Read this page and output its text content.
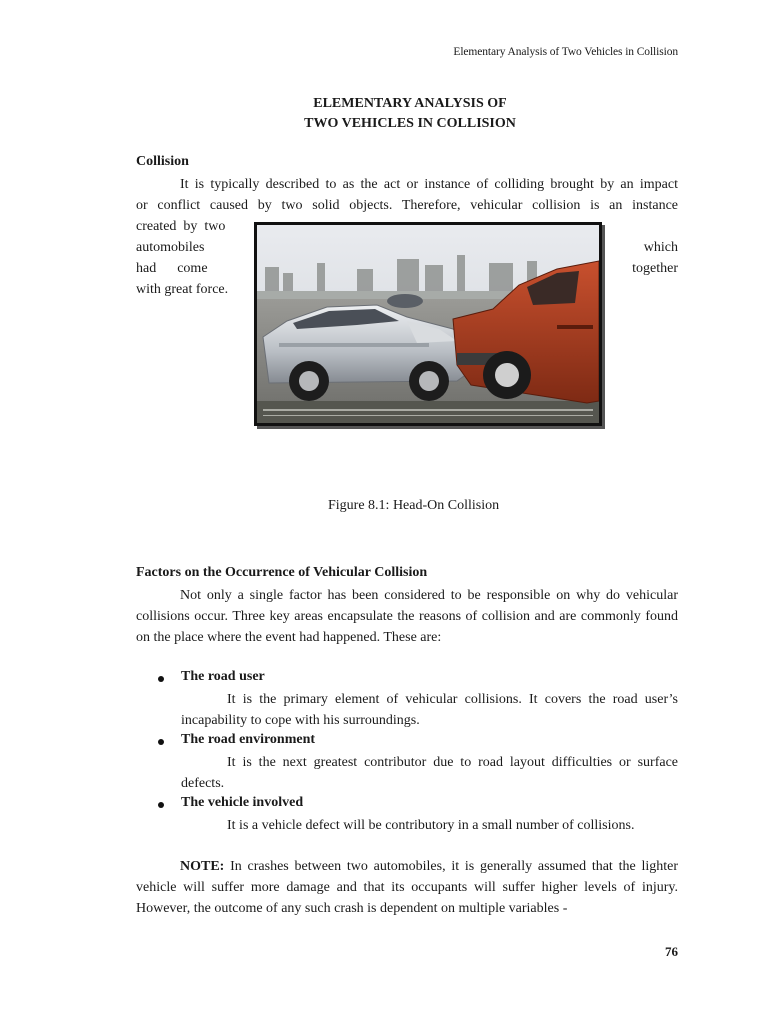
Elementary Analysis of Two Vehicles in Collision
ELEMENTARY ANALYSIS OF
TWO VEHICLES IN COLLISION
Collision
It is typically described to as the act or instance of colliding brought by an impact
or conflict caused by two solid objects. Therefore, vehicular collision is an instance
created  by  two
automobiles
had      come
with great force.
which
together
Figure 8.1: Head-On Collision
Factors on the Occurrence of Vehicular Collision
Not only a single factor has been considered to be responsible on why do vehicular collisions occur. Three key areas encapsulate the reasons of collision and are commonly found on the place where the event had happened. These are:
The road user
It is the primary element of vehicular collisions. It covers the road user’s incapability to cope with his surroundings.
The road environment
It is the next greatest contributor due to road layout difficulties or surface defects.
The vehicle involved
It is a vehicle defect will be contributory in a small number of collisions.
NOTE: In crashes between two automobiles, it is generally assumed that the lighter vehicle will suffer more damage and that its occupants will suffer higher levels of injury. However, the outcome of any such crash is dependent on multiple variables -
76
